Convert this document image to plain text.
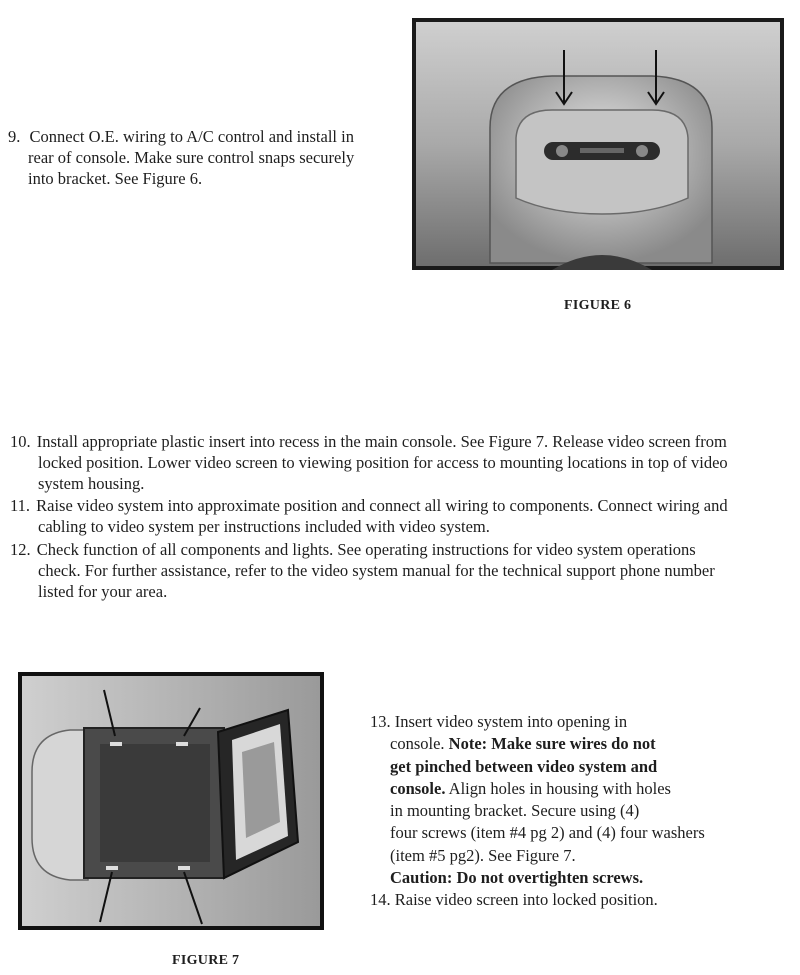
9. Connect O.E. wiring to A/C control and install in rear of console. Make sure control snaps securely into bracket. See Figure 6.
FIGURE 6
10. Install appropriate plastic insert into recess in the main console. See Figure 7. Release video screen from locked position. Lower video screen to viewing position for access to mounting locations in top of video system housing.
11. Raise video system into approximate position and connect all wiring to components. Connect wiring and cabling to video system per instructions included with video system.
12. Check function of all components and lights. See operating instructions for video system operations check. For further assistance, refer to the video system manual for the technical support phone number listed for your area.
FIGURE 7
13. Insert video system into opening in
console. Note: Make sure wires do not
get pinched between video system and
console. Align holes in housing with holes
in mounting bracket. Secure using (4)
four screws (item #4 pg 2) and (4) four washers
(item #5 pg2). See Figure 7.
Caution: Do not overtighten screws.
14. Raise video screen into locked position.
